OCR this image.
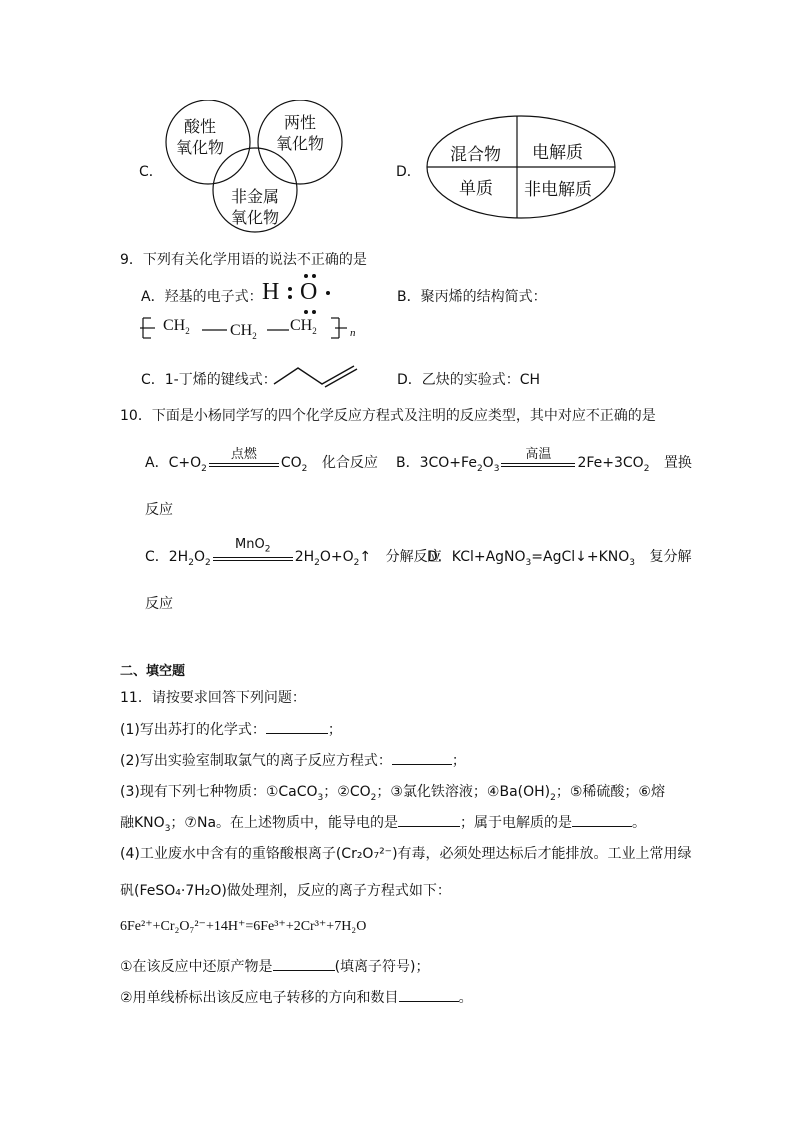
C．
酸性
氧化物
两性
氧化物
非金属
氧化物
D．
混合物 电解质
单质 非电解质
9．下列有关化学用语的说法不正确的是
A．羟基的电子式： H O	B．聚丙烯的结构简式：
$CH_2$	$CH_2$
$CH_2$	n
C．1-丁烯的键线式：	D．乙炔的实验式：CH
10．下面是小杨同学写的四个化学反应方程式及注明的反应类型，其中对应不正确的是
A．$C+O_2$
点燃
$CO_2$ 化合反应 B．$3CO+Fe_2O_3$
高温
$2Fe+3CO_2$ 置换
反应
C．$2H_2O_2$
MnO$_2$	$2H_2O+O_2↑$ 分解反应
D．$KCl+AgNO_3=AgCl↓+KNO_3$ 复分解
反应
二、填空题
11．请按要求回答下列问题：
(1)写出苏打的化学式：	；
(2)写出实验室制取氯气的离子反应方程式：	；
(3)现有下列七种物质：①CaCO$_3$；$②CO_2$；③氯化铁溶液；$④Ba(OH)_2$；⑤稀硫酸；⑥熔
融$KNO_3$；⑦Na。在上述物质中，能导电的是	；属于电解质的是	。
(4)工业废水中含有的重铬酸根离子(Cr₂O₇²⁻)有毒，必须处理达标后才能排放。工业上常用绿
矾(FeSO₄·7H₂O)做处理剂，反应的离子方程式如下：
6Fe²⁺+Cr₂O₇²⁻+14H⁺=6Fe³⁺+2Cr³⁺+7H₂O
①在该反应中还原产物是	(填离子符号)；
②用单线桥标出该反应电子转移的方向和数目	。
